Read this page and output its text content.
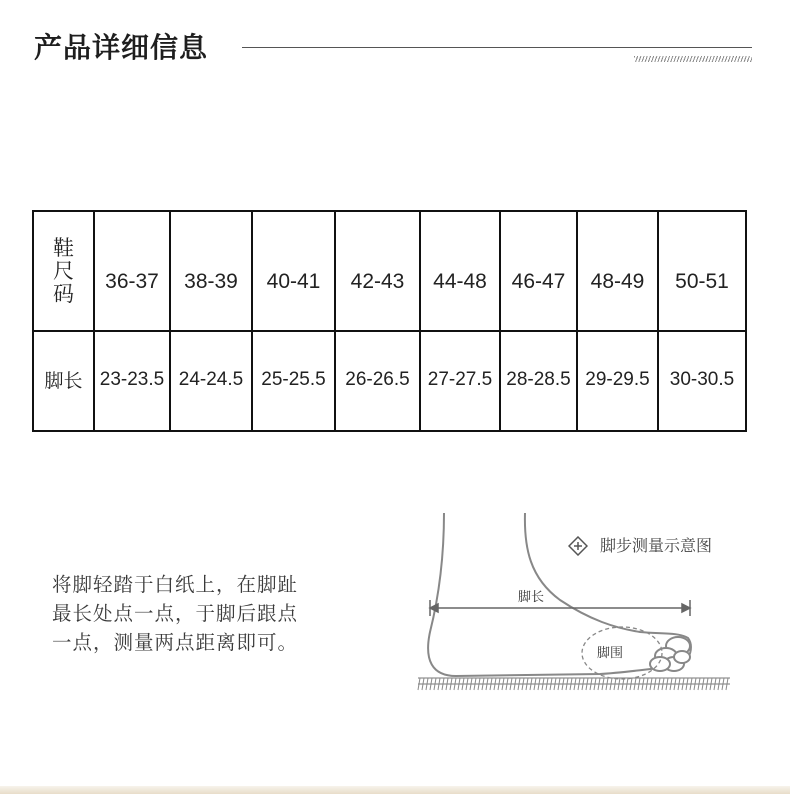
产品详细信息
鞋尺码	36-37	38-39	40-41	42-43	44-48	46-47	48-49	50-51
脚长	23-23.5	24-24.5	25-25.5	26-26.5	27-27.5	28-28.5	29-29.5	30-30.5
将脚轻踏于白纸上，在脚趾
最长处点一点，于脚后跟点
一点，测量两点距离即可。
脚步测量示意图
脚长
脚围
